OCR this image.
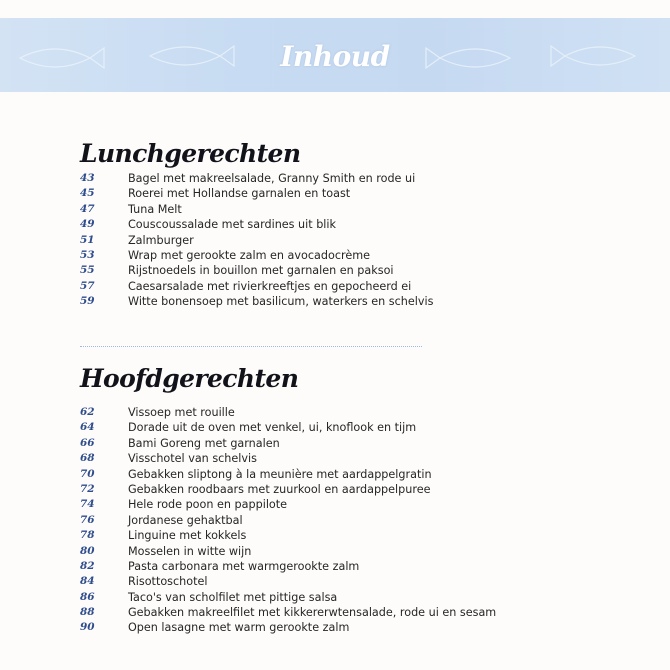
Inhoud
Lunchgerechten
43	Bagel met makreelsalade, Granny Smith en rode ui
45	Roerei met Hollandse garnalen en toast
47	Tuna Melt
49	Couscoussalade met sardines uit blik
51	Zalmburger
53	Wrap met gerookte zalm en avocadocrème
55	Rijstnoedels in bouillon met garnalen en paksoi
57	Caesarsalade met rivierkreeftjes en gepocheerd ei
59	Witte bonensoep met basilicum, waterkers en schelvis
Hoofdgerechten
62	Vissoep met rouille
64	Dorade uit de oven met venkel, ui, knoflook en tijm
66	Bami Goreng met garnalen
68	Visschotel van schelvis
70	Gebakken sliptong à la meunière met aardappelgratin
72	Gebakken roodbaars met zuurkool en aardappelpuree
74	Hele rode poon en pappilote
76	Jordanese gehaktbal
78	Linguine met kokkels
80	Mosselen in witte wijn
82	Pasta carbonara met warmgerookte zalm
84	Risottoschotel
86	Taco's van scholfilet met pittige salsa
88	Gebakken makreelfilet met kikkererwtensalade, rode ui en sesam
90	Open lasagne met warm gerookte zalm
